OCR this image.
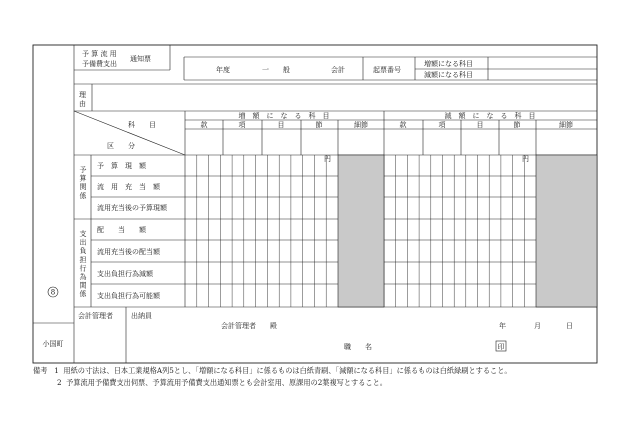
8
印
予 算 流 用
予備費支出
通知票
年度	一　　般	会計	起票番号
増額になる科目
減額になる科目
理
由
科　　目
区　　分
増　額　に　な　る　科　目	減　額　に　な　る　科　目
款	項	目	節	細節	款	項	目	節	細節
予　算　現　額
流　用　充　当　額
流用充当後の予算現額
配　　当　　額
流用充当後の配当額
支出負担行為減額
支出負担行為可能額
予
算
関
係
支
出
負
担
行
為
関
係
円	円
小国町
会計管理者	出納員
会計管理者　　殿	年	月	日
職　　名
備考 1 用紙の寸法は、日本工業規格A列5とし、「増額になる科目」に係るものは白紙青刷、「減額になる科目」に係るものは白紙緑刷とすること。
2 予算流用予備費支出伺票、予算流用予備費支出通知票とも会計室用、原課用の2葉複写とすること。
